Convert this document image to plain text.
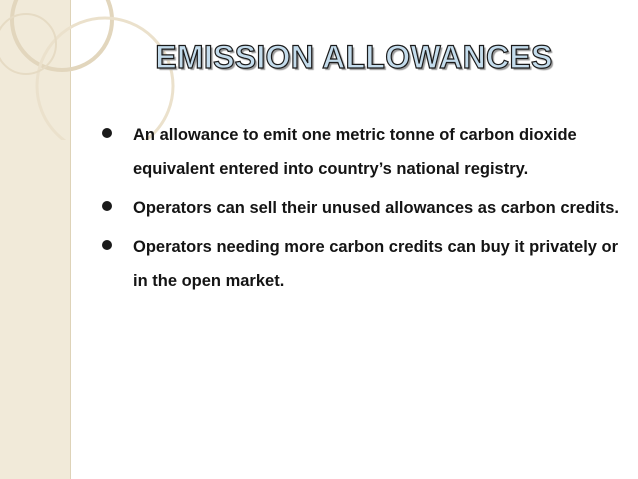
EMISSION ALLOWANCES
An allowance to emit one metric tonne of carbon dioxide equivalent entered into country’s national registry.
Operators can sell their unused allowances as carbon credits.
Operators needing more carbon credits can buy it privately or in the open market.
